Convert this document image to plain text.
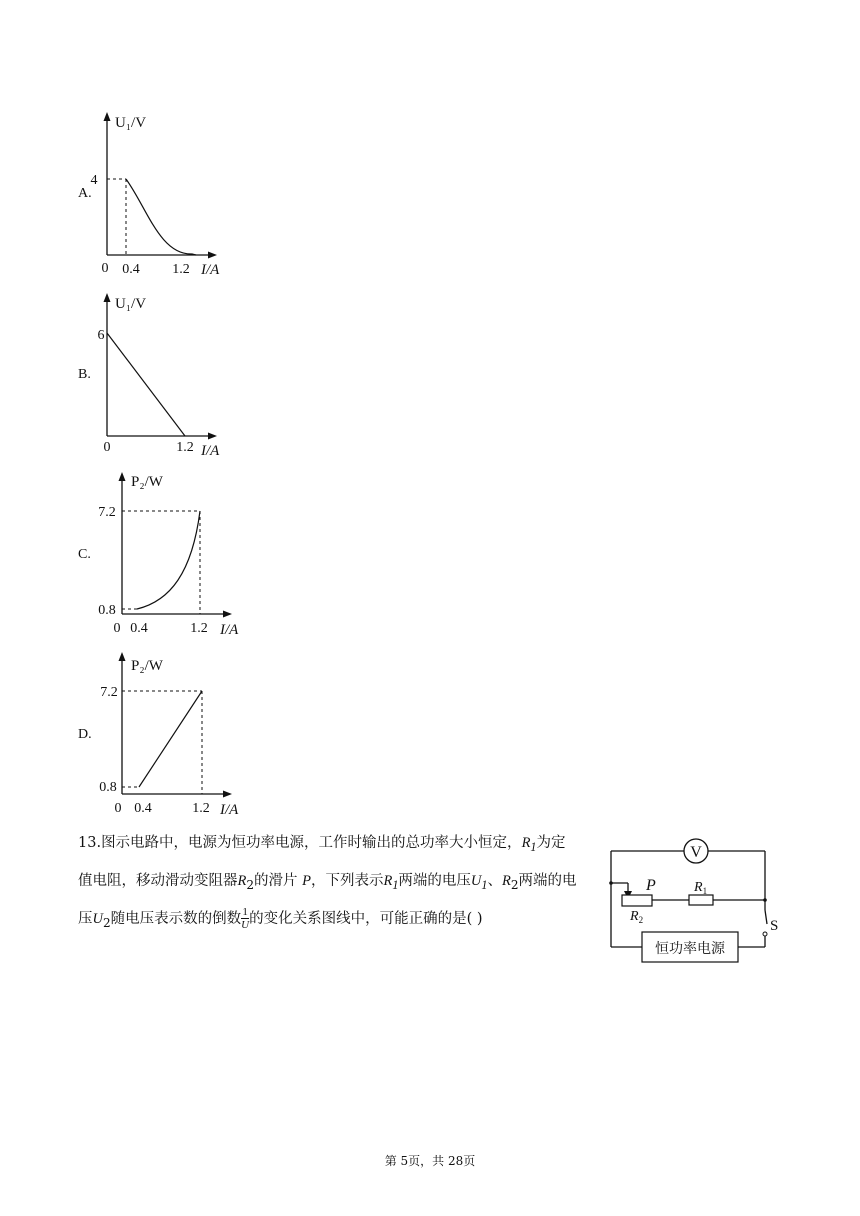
A.
U₁/V
4
0 0.4 1.2 I/A
B.
U₁/V
6
0	1.2 I/A
C.
P₂/W
7.2
0.8
0 0.4	1.2 I/A
D.
P₂/W
7.2
0.8
0 0.4	1.2 I/A
13.图示电路中，电源为恒功率电源，工作时输出的总功率大小恒定，$R_1$为定
值电阻，移动滑动变阻器$R_2$的滑片 P，下列表示$R_1$两端的电压$U_1$、$R_2$两端的电
压$U_2$随电压表示数的倒数 $\frac{1}{U}$ 的变化关系图线中，可能正确的是( )
V
S
P	$R_1$
$R_2$
恒功率电源
第 5页，共 28页
